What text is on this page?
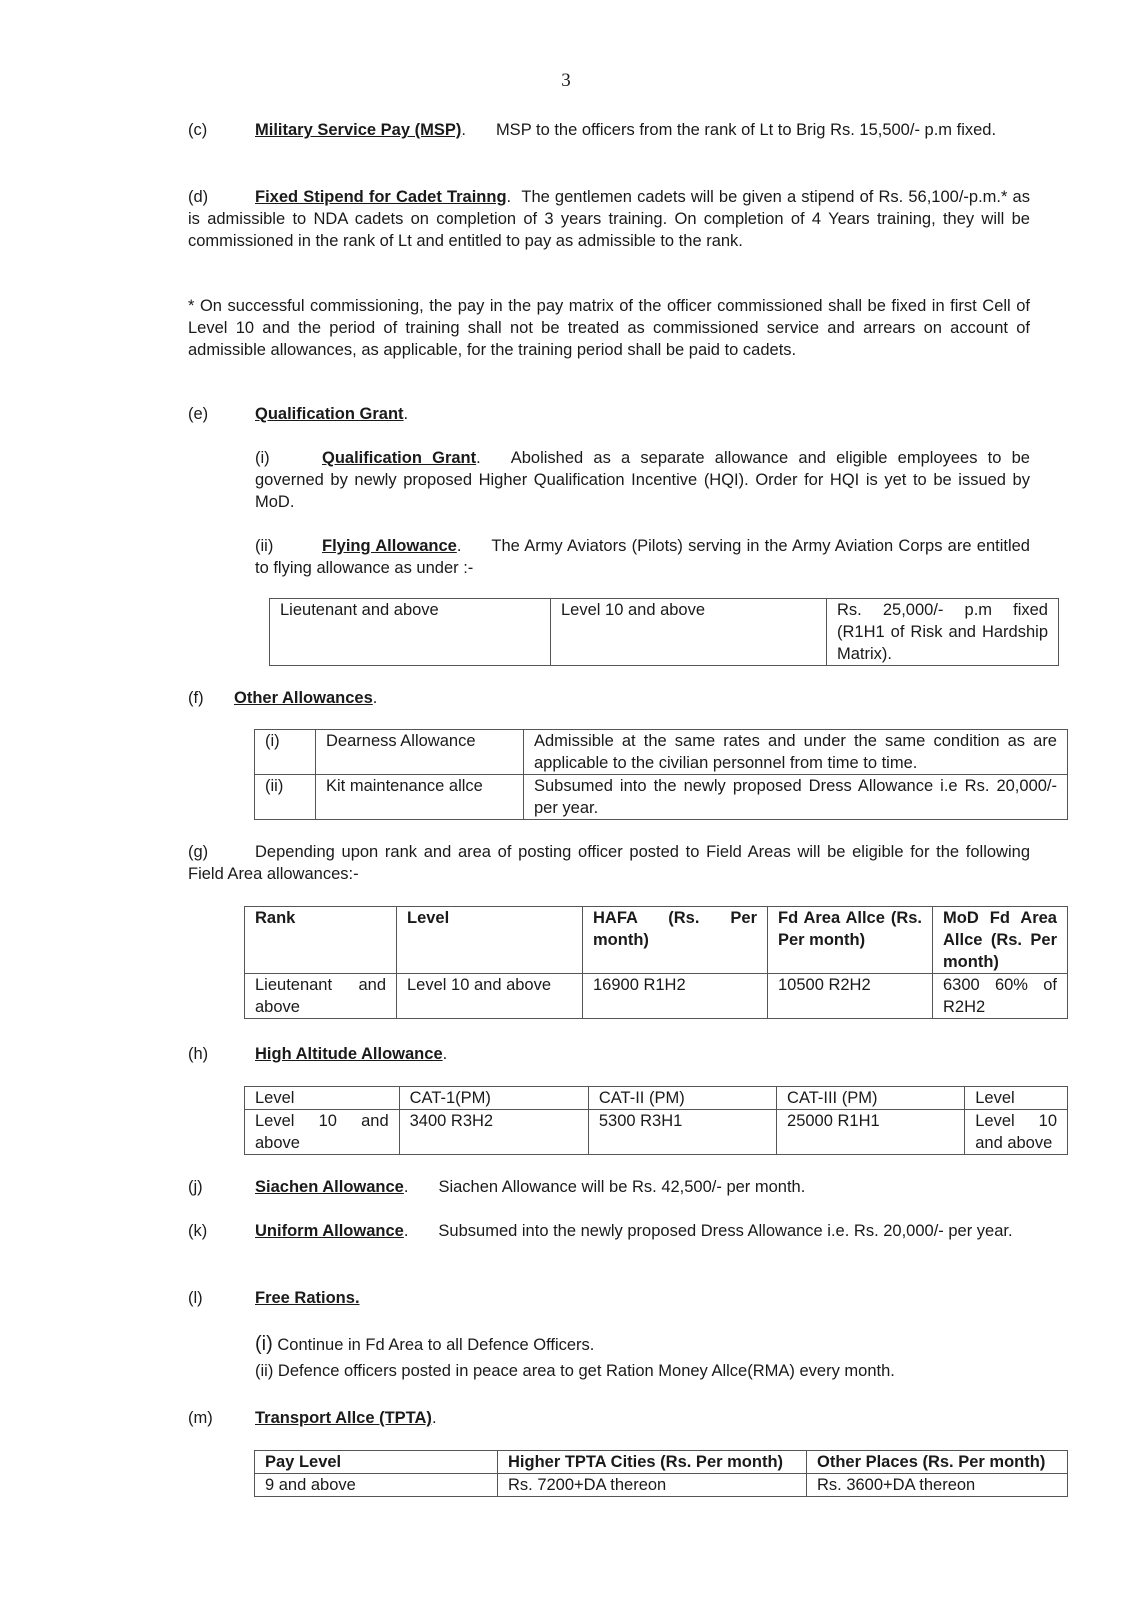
3
(c)	Military Service Pay (MSP). MSP to the officers from the rank of Lt to Brig Rs. 15,500/- p.m fixed.
(d)	Fixed Stipend for Cadet Trainng.  The gentlemen cadets will be given a stipend of Rs. 56,100/-p.m.* as is admissible to NDA cadets on completion of 3 years training. On completion of 4 Years training, they will be commissioned in the rank of Lt and entitled to pay as admissible to the rank.
* On successful commissioning, the pay in the pay matrix of the officer commissioned shall be fixed in first Cell of Level 10 and the period of training shall not be treated as commissioned service and arrears on account of admissible allowances, as applicable, for the training period shall be paid to cadets.
(e)	Qualification Grant.
(i)	Qualification Grant. Abolished as a separate allowance and eligible employees to be governed by newly proposed Higher Qualification Incentive (HQI). Order for HQI is yet to be issued by MoD.
(ii)	Flying Allowance. The Army Aviators (Pilots) serving in the Army Aviation Corps are entitled to flying allowance as under :-
Lieutenant and above	Level 10 and above	Rs. 25,000/- p.m fixed (R1H1 of Risk and Hardship Matrix).
(f) Other Allowances.
(i)	Dearness Allowance	Admissible at the same rates and under the same condition as are applicable to the civilian personnel from time to time.
(ii)	Kit maintenance allce	Subsumed into the newly proposed Dress Allowance i.e Rs. 20,000/-per year.
(g)	Depending upon rank and area of posting officer posted to Field Areas will be eligible for the following Field Area allowances:-
Rank	Level	HAFA (Rs. Per month)	Fd Area Allce (Rs. Per month)	MoD Fd Area Allce (Rs. Per month)
Lieutenant and above	Level 10 and above	16900 R1H2	10500 R2H2	6300 60% of R2H2
(h)	High Altitude Allowance.
Level	CAT-1(PM)	CAT-II (PM)	CAT-III (PM)	Level
Level 10 and above	3400 R3H2	5300 R3H1	25000 R1H1	Level 10 and above
(j)	Siachen Allowance. Siachen Allowance will be Rs. 42,500/- per month.
(k)	Uniform Allowance. Subsumed into the newly proposed Dress Allowance i.e. Rs. 20,000/- per year.
(l)	Free Rations.
(i) Continue in Fd Area to all Defence Officers.
(ii) Defence officers posted in peace area to get Ration Money Allce(RMA) every month.
(m)	Transport Allce (TPTA).
Pay Level	Higher TPTA Cities (Rs. Per month)	Other Places (Rs. Per month)
9 and above	Rs. 7200+DA thereon	Rs. 3600+DA thereon
